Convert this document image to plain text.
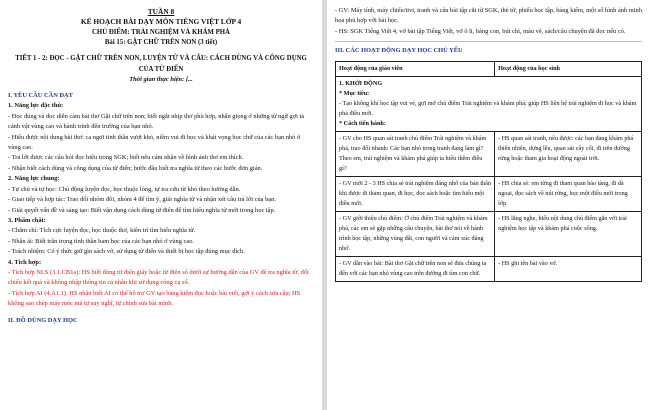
TUẦN 8
KẾ HOẠCH BÀI DẠY MÔN TIẾNG VIỆT LỚP 4
CHỦ ĐIỂM: TRẢI NGHIỆM VÀ KHÁM PHÁ
Bài 15: GẶT CHỮ TRÊN NON (3 tiết)
TIẾT 1 - 2: ĐỌC - GẶT CHỮ TRÊN NON, LUYỆN TỪ VÀ CÂU: CÁCH DÙNG VÀ CÔNG DỤNG CỦA TỪ ĐIỂN
Thời gian thực hiện: [...
I. YÊU CẦU CẦN ĐẠT
1. Năng lực đặc thù:

- Đọc đúng và đọc diễn cảm bài thơ Gặt chữ trên non; biết ngắt nhịp thơ phù hợp, nhấn giọng ở những từ ngữ gợi tả cảnh vật vùng cao và hành trình đến trường của bạn nhỏ.

- Hiểu được nội dung bài thơ: ca ngợi tinh thần vượt khó, niềm vui đi học và khát vọng học chữ của các bạn nhỏ ở vùng cao.

- Trả lời được các câu hỏi đọc hiểu trong SGK; biết nêu cảm nhận về hình ảnh thơ em thích.

- Nhận biết cách dùng và công dụng của từ điển; bước đầu biết tra nghĩa từ theo các bước đơn giản.

2. Năng lực chung:

- Tự chủ và tự học: Chủ động luyện đọc, học thuộc lòng, tự tra cứu từ khó theo hướng dẫn.

- Giao tiếp và hợp tác: Trao đổi nhóm đôi, nhóm 4 để tìm ý, giải nghĩa từ và nhận xét câu trả lời của bạn.

- Giải quyết vấn đề và sáng tạo: Biết vận dụng cách dùng từ điển để tìm hiểu nghĩa từ mới trong học tập.

3. Phẩm chất:

- Chăm chỉ: Tích cực luyện đọc, học thuộc thơ, kiên trì tìm hiểu nghĩa từ.

- Nhân ái: Biết trân trọng tình thần ham học của các bạn nhỏ ở vùng cao.

- Trách nhiệm: Có ý thức giữ gìn sách vở, sử dụng từ điển và thiết bị học tập đúng mục đích.

4. Tích hợp:

- Tích hợp NLS (3.1.CB1a): HS biết dùng từ điển giấy hoặc từ điển số dưới sự hướng dẫn của GV để tra nghĩa từ, đối chiếu kết quả và không nhập thông tin cá nhân khi sử dụng công cụ số.

- Tích hợp AI (4.A1.1): HS nhận biết AI có thể hỗ trợ GV tạo bảng kiểm đọc hoặc bài viết, gợi ý cách sửa câu; HS không sao chép máy móc mà tự suy nghĩ, tự chỉnh sửa bài mình.

II. ĐỒ DÙNG DẠY HỌC

- GV: Máy tính, máy chiếu/tivi, tranh và câu bài tập cắt từ SGK, thẻ từ, phiếu học tập, bảng kiểm, một số hình ảnh minh họa phù hợp với bài học.

- HS: SGK Tiếng Việt 4, vở bài tập Tiếng Việt, vở ô li, bảng con, bút chì, màu vẽ, sách/câu chuyện đã đọc nếu có.

III. CÁC HOẠT ĐỘNG DẠY HỌC CHỦ YẾU
Hoạt động của giáo viên	Hoạt động của học sinh

1. KHỞI ĐỘNG
* Mục tiêu:
- Tạo không khí học tập vui vẻ, gợi mở chủ điểm Trải nghiệm và khám phá; giúp HS liên hệ trải nghiệm đi học và khám phá điều mới.
* Cách tiến hành:	

- GV cho HS quan sát tranh chủ điểm Trải nghiệm và khám phá, trao đổi nhanh: Các bạn nhỏ trong tranh đang làm gì? Theo em, trải nghiệm và khám phá giúp ta hiểu thêm điều gì?	- HS quan sát tranh, nêu được: các bạn đang khám phá thiên nhiên, dựng lều, quan sát cây cối, đi trên đường rừng hoặc tham gia hoạt động ngoài trời.
- GV mời 2 - 3 HS chia sẻ trải nghiệm đáng nhớ của bản thân khi được đi tham quan, đi học, đọc sách hoặc tìm hiểu một điều mới.	- HS chia sẻ: em từng đi tham quan bảo tàng, đi dã ngoại, đọc sách về núi rừng, học một điều mới trong lớp.
- GV giới thiệu chủ điểm: Ở chủ điểm Trải nghiệm và khám phá, các em sẽ gặp những câu chuyện, bài thơ nói về hành trình học tập, những vùng đất, con người và cảm xúc đáng nhớ.	- HS lắng nghe, hiểu nội dung chủ điểm gắn với trải nghiệm học tập và khám phá cuộc sống.
- GV dẫn vào bài: Bài thơ Gặt chữ trên non sẽ đưa chúng ta đến với các bạn nhỏ vùng cao trên đường đi tìm con chữ.	- HS ghi tên bài vào vở.
